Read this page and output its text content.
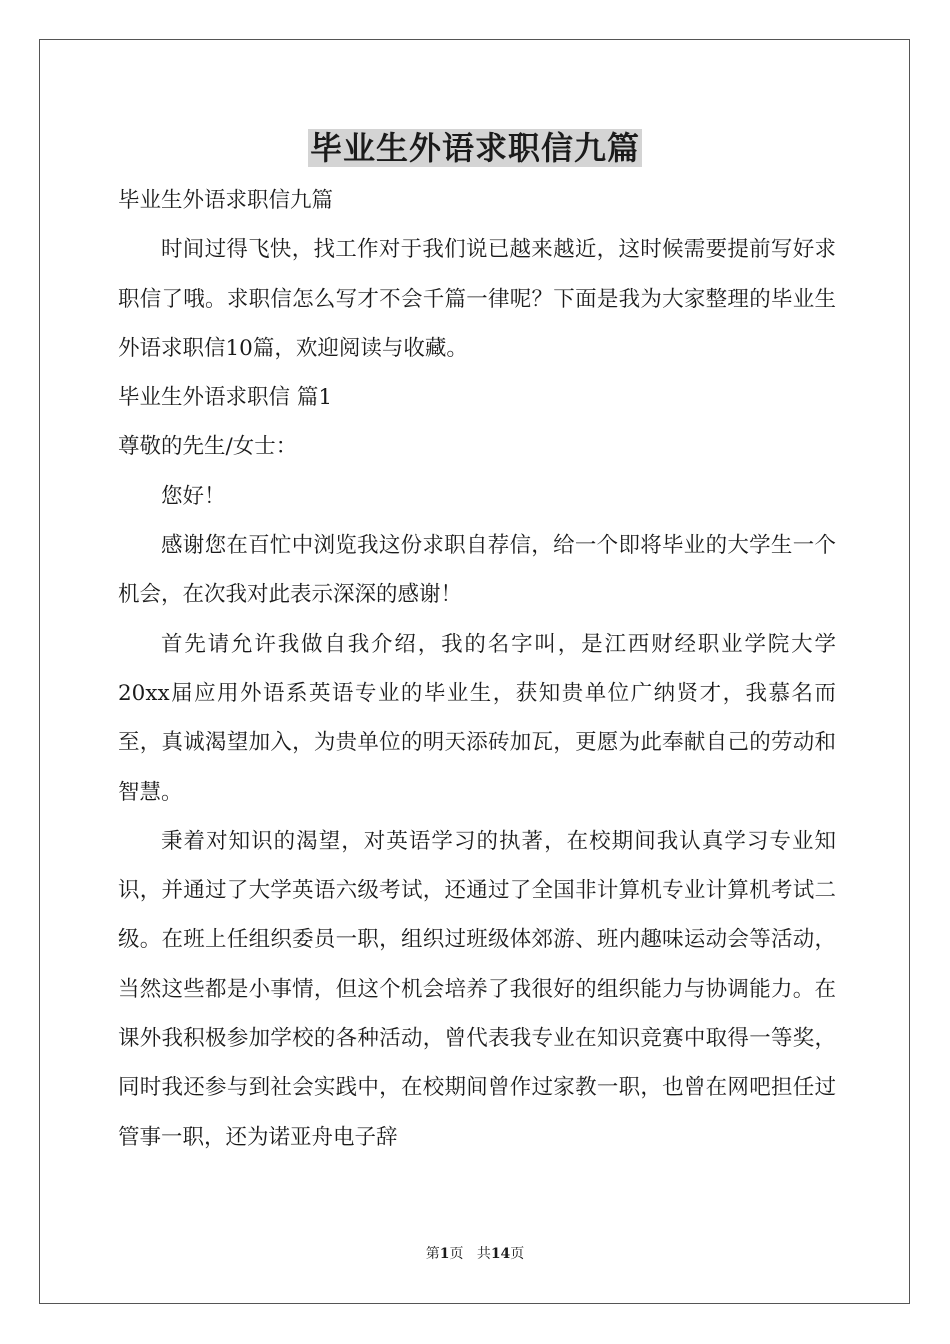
毕业生外语求职信九篇

毕业生外语求职信九篇

时间过得飞快，找工作对于我们说已越来越近，这时候需要提前写好求职信了哦。求职信怎么写才不会千篇一律呢？下面是我为大家整理的毕业生外语求职信10篇，欢迎阅读与收藏。

毕业生外语求职信 篇1

尊敬的先生/女士：

您好！

感谢您在百忙中浏览我这份求职自荐信，给一个即将毕业的大学生一个机会，在次我对此表示深深的感谢！

首先请允许我做自我介绍，我的名字叫，是江西财经职业学院大学20xx届应用外语系英语专业的毕业生，获知贵单位广纳贤才，我慕名而至，真诚渴望加入，为贵单位的明天添砖加瓦，更愿为此奉献自己的劳动和智慧。

秉着对知识的渴望，对英语学习的执著，在校期间我认真学习专业知识，并通过了大学英语六级考试，还通过了全国非计算机专业计算机考试二级。在班上任组织委员一职，组织过班级体郊游、班内趣味运动会等活动，当然这些都是小事情，但这个机会培养了我很好的组织能力与协调能力。在课外我积极参加学校的各种活动，曾代表我专业在知识竞赛中取得一等奖，同时我还参与到社会实践中，在校期间曾作过家教一职，也曾在网吧担任过管事一职，还为诺亚舟电子辞

第1页 共14页
